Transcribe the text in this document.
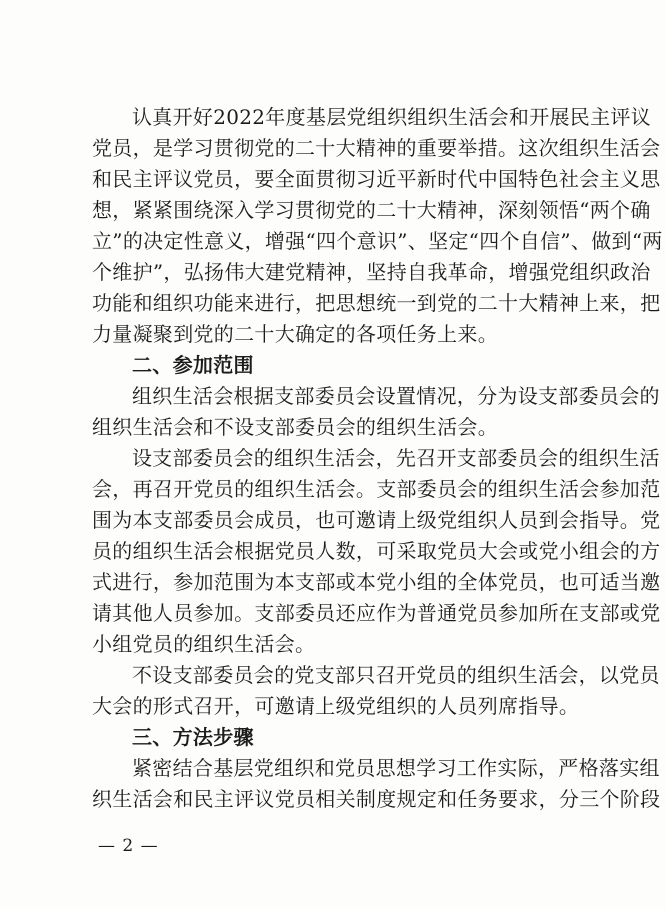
认真开好2022年度基层党组织组织生活会和开展民主评议
党员，是学习贯彻党的二十大精神的重要举措。这次组织生活会
和民主评议党员，要全面贯彻习近平新时代中国特色社会主义思
想，紧紧围绕深入学习贯彻党的二十大精神，深刻领悟“两个确
立”的决定性意义，增强“四个意识”、坚定“四个自信”、做到“两
个维护”，弘扬伟大建党精神，坚持自我革命，增强党组织政治
功能和组织功能来进行，把思想统一到党的二十大精神上来，把
力量凝聚到党的二十大确定的各项任务上来。
二、参加范围
组织生活会根据支部委员会设置情况，分为设支部委员会的
组织生活会和不设支部委员会的组织生活会。
设支部委员会的组织生活会，先召开支部委员会的组织生活
会，再召开党员的组织生活会。支部委员会的组织生活会参加范
围为本支部委员会成员，也可邀请上级党组织人员到会指导。党
员的组织生活会根据党员人数，可采取党员大会或党小组会的方
式进行，参加范围为本支部或本党小组的全体党员，也可适当邀
请其他人员参加。支部委员还应作为普通党员参加所在支部或党
小组党员的组织生活会。
不设支部委员会的党支部只召开党员的组织生活会，以党员
大会的形式召开，可邀请上级党组织的人员列席指导。
三、方法步骤
紧密结合基层党组织和党员思想学习工作实际，严格落实组
织生活会和民主评议党员相关制度规定和任务要求，分三个阶段
— 2 —
